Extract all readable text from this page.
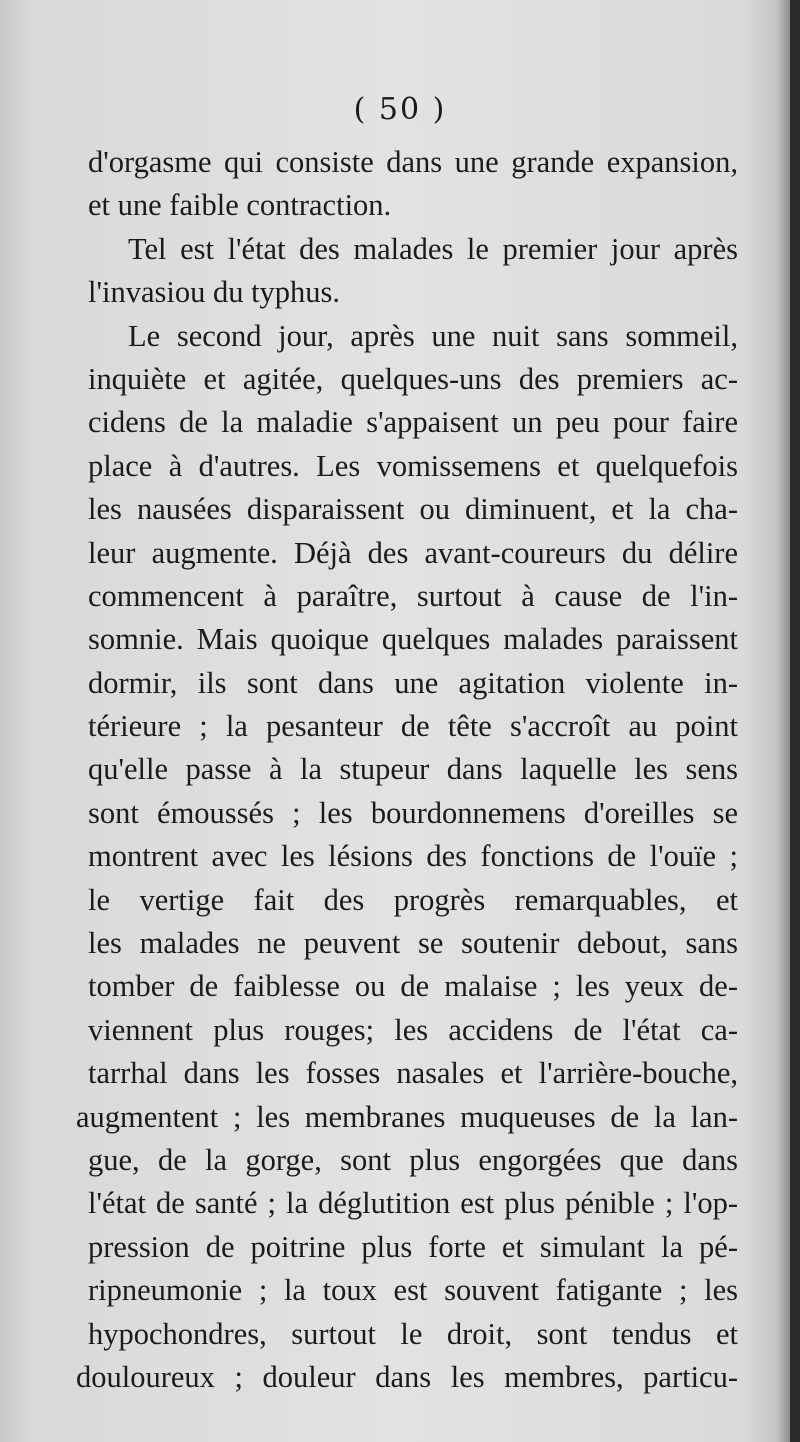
( 50 )
d'orgasme qui consiste dans une grande expansion,
et une faible contraction.
Tel est l'état des malades le premier jour après
l'invasiou du typhus.
Le second jour, après une nuit sans sommeil,
inquiète et agitée, quelques-uns des premiers ac-
cidens de la maladie s'appaisent un peu pour faire
place à d'autres. Les vomissemens et quelquefois
les nausées disparaissent ou diminuent, et la cha-
leur augmente. Déjà des avant-coureurs du délire
commencent à paraître, surtout à cause de l'in-
somnie. Mais quoique quelques malades paraissent
dormir, ils sont dans une agitation violente in-
térieure ; la pesanteur de tête s'accroît au point
qu'elle passe à la stupeur dans laquelle les sens
sont émoussés ; les bourdonnemens d'oreilles se
montrent avec les lésions des fonctions de l'ouïe ;
le vertige fait des progrès remarquables, et
les malades ne peuvent se soutenir debout, sans
tomber de faiblesse ou de malaise ; les yeux de-
viennent plus rouges; les accidens de l'état ca-
tarrhal dans les fosses nasales et l'arrière-bouche,
augmentent ; les membranes muqueuses de la lan-
gue, de la gorge, sont plus engorgées que dans
l'état de santé ; la déglutition est plus pénible ; l'op-
pression de poitrine plus forte et simulant la pé-
ripneumonie ; la toux est souvent fatigante ; les
hypochondres, surtout le droit, sont tendus et
douloureux ; douleur dans les membres, particu-
